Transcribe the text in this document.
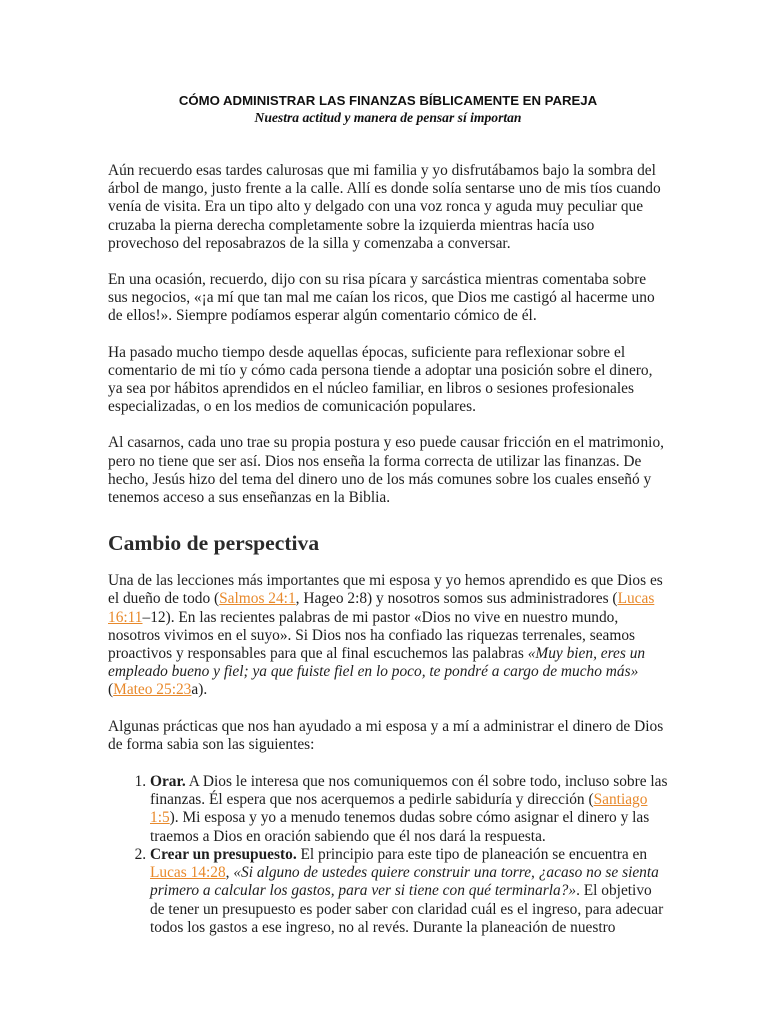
CÓMO ADMINISTRAR LAS FINANZAS BÍBLICAMENTE EN PAREJA
Nuestra actitud y manera de pensar sí importan

Aún recuerdo esas tardes calurosas que mi familia y yo disfrutábamos bajo la sombra del árbol de mango, justo frente a la calle. Allí es donde solía sentarse uno de mis tíos cuando venía de visita. Era un tipo alto y delgado con una voz ronca y aguda muy peculiar que cruzaba la pierna derecha completamente sobre la izquierda mientras hacía uso provechoso del reposabrazos de la silla y comenzaba a conversar.

En una ocasión, recuerdo, dijo con su risa pícara y sarcástica mientras comentaba sobre sus negocios, «¡a mí que tan mal me caían los ricos, que Dios me castigó al hacerme uno de ellos!». Siempre podíamos esperar algún comentario cómico de él.

Ha pasado mucho tiempo desde aquellas épocas, suficiente para reflexionar sobre el comentario de mi tío y cómo cada persona tiende a adoptar una posición sobre el dinero, ya sea por hábitos aprendidos en el núcleo familiar, en libros o sesiones profesionales especializadas, o en los medios de comunicación populares.

Al casarnos, cada uno trae su propia postura y eso puede causar fricción en el matrimonio, pero no tiene que ser así. Dios nos enseña la forma correcta de utilizar las finanzas. De hecho, Jesús hizo del tema del dinero uno de los más comunes sobre los cuales enseñó y tenemos acceso a sus enseñanzas en la Biblia.

Cambio de perspectiva

Una de las lecciones más importantes que mi esposa y yo hemos aprendido es que Dios es el dueño de todo (Salmos 24:1, Hageo 2:8) y nosotros somos sus administradores (Lucas 16:11–12). En las recientes palabras de mi pastor «Dios no vive en nuestro mundo, nosotros vivimos en el suyo». Si Dios nos ha confiado las riquezas terrenales, seamos proactivos y responsables para que al final escuchemos las palabras «Muy bien, eres un empleado bueno y fiel; ya que fuiste fiel en lo poco, te pondré a cargo de mucho más» (Mateo 25:23a).

Algunas prácticas que nos han ayudado a mi esposa y a mí a administrar el dinero de Dios de forma sabia son las siguientes:

1. Orar. A Dios le interesa que nos comuniquemos con él sobre todo, incluso sobre las finanzas. Él espera que nos acerquemos a pedirle sabiduría y dirección (Santiago 1:5). Mi esposa y yo a menudo tenemos dudas sobre cómo asignar el dinero y las traemos a Dios en oración sabiendo que él nos dará la respuesta.
2. Crear un presupuesto. El principio para este tipo de planeación se encuentra en Lucas 14:28, «Si alguno de ustedes quiere construir una torre, ¿acaso no se sienta primero a calcular los gastos, para ver si tiene con qué terminarla?». El objetivo de tener un presupuesto es poder saber con claridad cuál es el ingreso, para adecuar todos los gastos a ese ingreso, no al revés. Durante la planeación de nuestro
